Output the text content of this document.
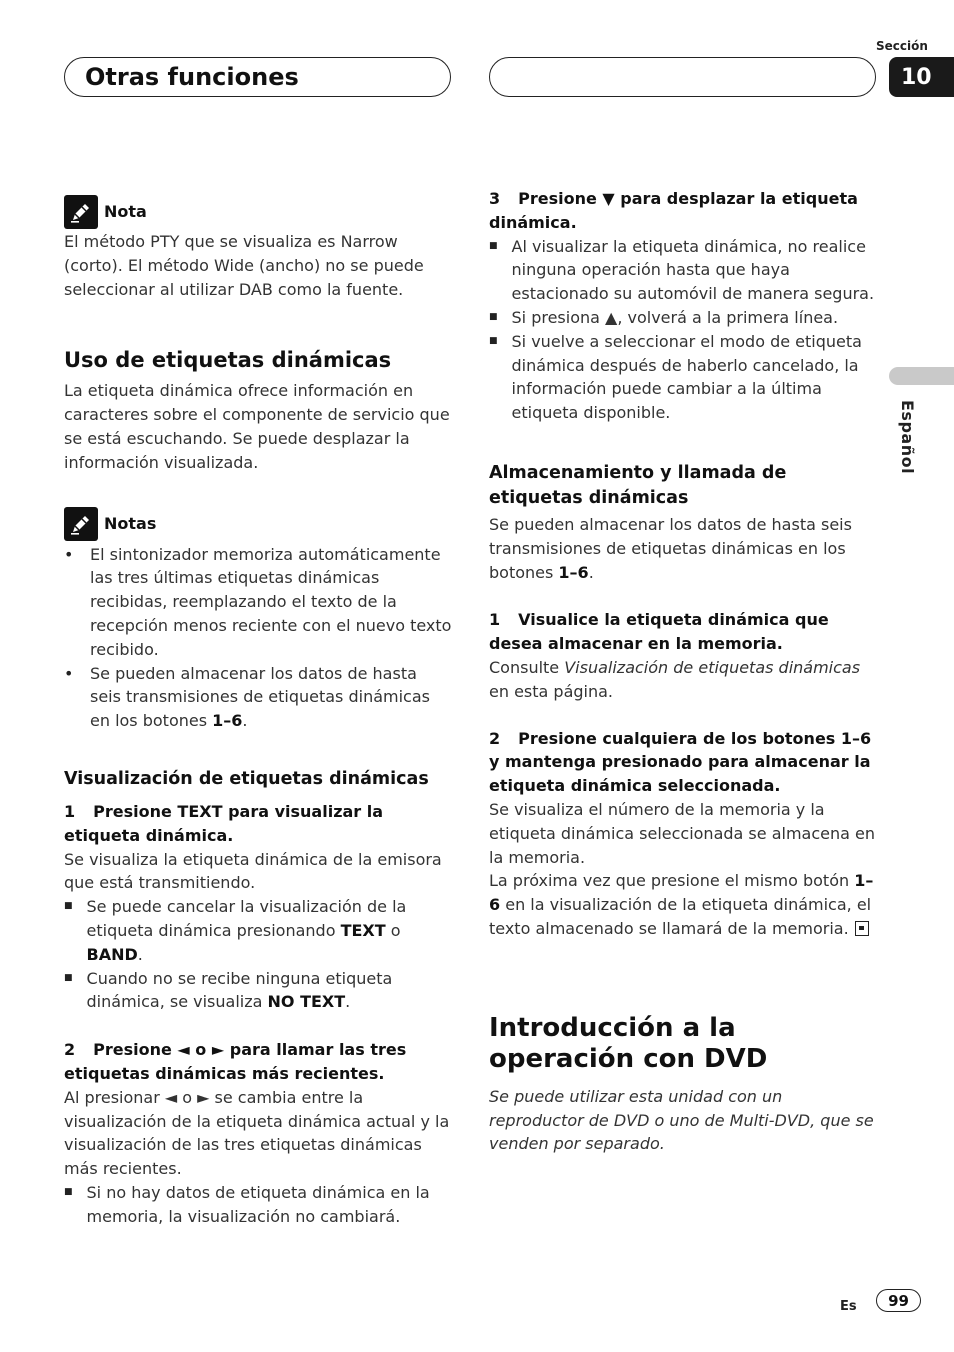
Sección
10
Otras funciones
Español
Nota

El método PTY que se visualiza es Narrow (corto). El método Wide (ancho) no se puede seleccionar al utilizar DAB como la fuente.

Uso de etiquetas dinámicas

La etiqueta dinámica ofrece información en caracteres sobre el componente de servicio que se está escuchando. Se puede desplazar la información visualizada.

Notas
•	El sintonizador memoriza automáticamente las tres últimas etiquetas dinámicas recibidas, reemplazando el texto de la recepción menos reciente con el nuevo texto recibido.
•	Se pueden almacenar los datos de hasta seis transmisiones de etiquetas dinámicas en los botones 1–6.
Visualización de etiquetas dinámicas
1 Presione TEXT para visualizar la etiqueta dinámica.

Se visualiza la etiqueta dinámica de la emisora que está transmitiendo.

■ Se puede cancelar la visualización de la etiqueta dinámica presionando TEXT o BAND.
■ Cuando no se recibe ninguna etiqueta dinámica, se visualiza NO TEXT.
2 Presione ◄ o ► para llamar las tres etiquetas dinámicas más recientes.

Al presionar ◄ o ► se cambia entre la visualización de la etiqueta dinámica actual y la visualización de las tres etiquetas dinámicas más recientes.

■ Si no hay datos de etiqueta dinámica en la memoria, la visualización no cambiará.
3 Presione ▼ para desplazar la etiqueta dinámica.
■ Al visualizar la etiqueta dinámica, no realice ninguna operación hasta que haya estacionado su automóvil de manera segura.
■ Si presiona ▲, volverá a la primera línea.
■ Si vuelve a seleccionar el modo de etiqueta dinámica después de haberlo cancelado, la información puede cambiar a la última etiqueta disponible.
Almacenamiento y llamada de etiquetas dinámicas

Se pueden almacenar los datos de hasta seis transmisiones de etiquetas dinámicas en los botones 1–6.

1 Visualice la etiqueta dinámica que desea almacenar en la memoria.

Consulte Visualización de etiquetas dinámicas en esta página.

2 Presione cualquiera de los botones 1–6 y mantenga presionado para almacenar la etiqueta dinámica seleccionada.

Se visualiza el número de la memoria y la etiqueta dinámica seleccionada se almacena en la memoria.

La próxima vez que presione el mismo botón 1–6 en la visualización de la etiqueta dinámica, el texto almacenado se llamará de la memoria.

Introducción a la operación con DVD

Se puede utilizar esta unidad con un reproductor de DVD o uno de Multi-DVD, que se venden por separado.

Es	99
